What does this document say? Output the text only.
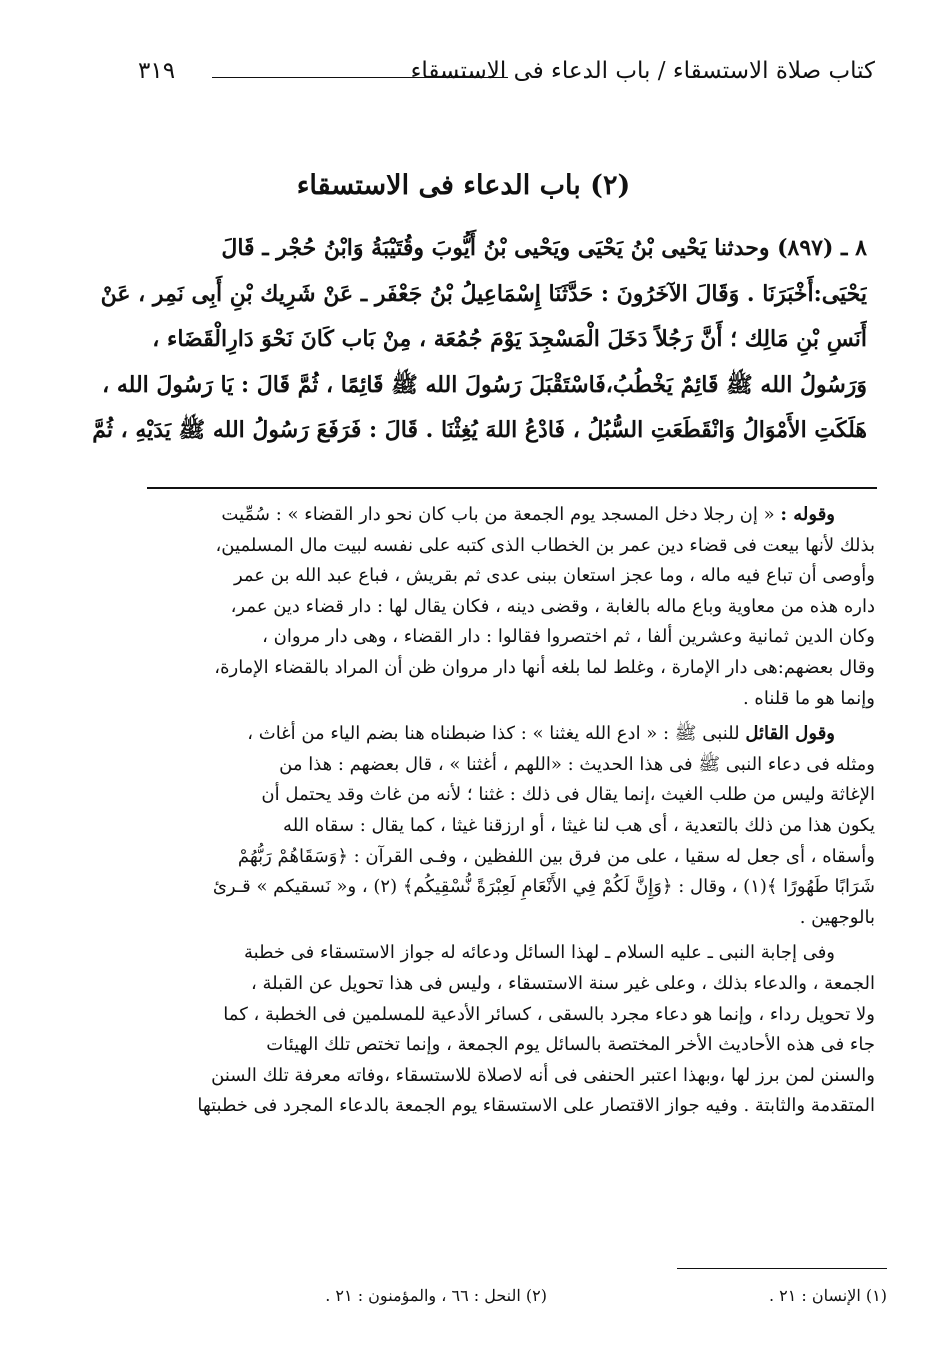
كتاب صلاة الاستسقاء / باب الدعاء فى الاستسقاء
٣١٩
(٢) باب الدعاء فى الاستسقاء
٨ ـ (٨٩٧) وحدثنا يَحْيى بْنُ يَحْيَى ويَحْيى بْنُ أَيُّوبَ وقُتَيْبَةُ وَابْنُ حُجْر ـ قَالَ
يَحْيَى:أَخْبَرَنَا . وَقَالَ الآخَرُونَ : حَدَّثَنَا إِسْمَاعِيلُ بْنُ جَعْفَر ـ عَنْ شَرِيك بْنِ أَبِى نَمِر ، عَنْ
أَنَسِ بْنِ مَالِك ؛ أَنَّ رَجُلاً دَخَلَ الْمَسْجِدَ يَوْمَ جُمُعَة ، مِنْ بَاب كَانَ نَحْوَ دَارِالْقَضَاء ،
وَرَسُولُ الله ﷺ قَائِمٌ يَخْطُبُ،فَاسْتَقْبَلَ رَسُولَ الله ﷺ قَائِمًا ، ثُمَّ قَالَ : يَا رَسُولَ الله ،
هَلَكَتِ الأَمْوَالُ وَانْقَطَعَتِ السُّبُلُ ، فَادْعُ اللهَ يُغِثْنَا . قَالَ : فَرَفَعَ رَسُولُ الله ﷺ يَدَيْهِ ، ثُمَّ
وقوله : « إن رجلا دخل المسجد يوم الجمعة من باب كان نحو دار القضاء » : سُمِّيت
بذلك لأنها بيعت فى قضاء دين عمر بن الخطاب الذى كتبه على نفسه لبيت مال المسلمين،
وأوصى أن تباع فيه ماله ، وما عجز استعان ببنى عدى ثم بقريش ، فباع عبد الله بن عمر
داره هذه من معاوية وباع ماله بالغابة ، وقضى دينه ، فكان يقال لها : دار قضاء دين عمر،
وكان الدين ثمانية وعشرين ألفا ، ثم اختصروا فقالوا : دار القضاء ، وهى دار مروان ،
وقال بعضهم:هى دار الإمارة ، وغلط لما بلغه أنها دار مروان ظن أن المراد بالقضاء الإمارة،
وإنما هو ما قلناه .
وقول القائل للنبى ﷺ : « ادع الله يغثنا » : كذا ضبطناه هنا بضم الياء من أغاث ،
ومثله فى دعاء النبى ﷺ فى هذا الحديث : «اللهم ، أغثنا » ، قال بعضهم : هذا من
الإغاثة وليس من طلب الغيث ،إنما يقال فى ذلك : غثنا ؛ لأنه من غاث وقد يحتمل أن
يكون هذا من ذلك بالتعدية ، أى هب لنا غيثا ، أو ارزقنا غيثا ، كما يقال : سقاه الله
وأسقاه ، أى جعل له سقيا ، على من فرق بين اللفظين ، وفـى القرآن : ﴿وَسَقَاهُمْ رَبُّهُمْ
شَرَابًا طَهُورًا ﴾(١) ، وقال : ﴿وَإِنَّ لَكُمْ فِي الأَنْعَامِ لَعِبْرَةً نُّسْقِيكُم﴾ (٢) ، و« نَسقيكم » قـرئ
بالوجهين .
وفى إجابة النبى ـ عليه السلام ـ لهذا السائل ودعائه له جواز الاستسقاء فى خطبة
الجمعة ، والدعاء بذلك ، وعلى غير سنة الاستسقاء ، وليس فى هذا تحويل عن القبلة ،
ولا تحويل رداء ، وإنما هو دعاء مجرد بالسقى ، كسائر الأدعية للمسلمين فى الخطبة ، كما
جاء فى هذه الأحاديث الأخر المختصة بالسائل يوم الجمعة ، وإنما تختص تلك الهيئات
والسنن لمن برز لها ،وبهذا اعتبر الحنفى فى أنه لاصلاة للاستسقاء ،وفاته معرفة تلك السنن
المتقدمة والثابتة . وفيه جواز الاقتصار على الاستسقاء يوم الجمعة بالدعاء المجرد فى خطبتها
(١) الإنسان : ٢١ .
(٢) النحل : ٦٦ ، والمؤمنون : ٢١ .
